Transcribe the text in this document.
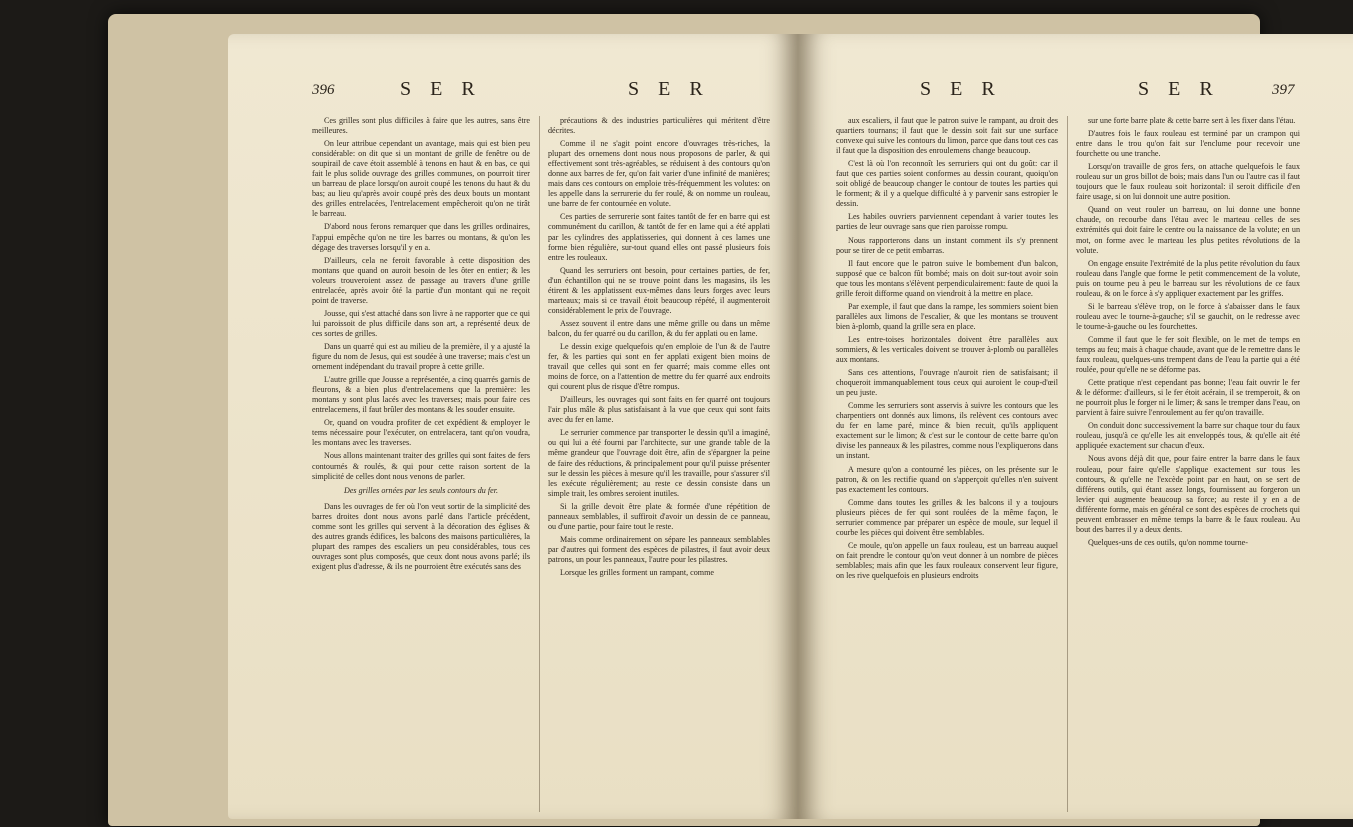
396	S E R	S E R

Ces grilles sont plus difficiles à faire que les autres, sans être meilleures.

On leur attribue cependant un avantage, mais qui est bien peu considérable: on dit que si un montant de grille de fenêtre ou de soupirail de cave étoit assemblé à tenons en haut & en bas, ce qui fait le plus solide ouvrage des grilles communes, on pourroit tirer un barreau de place lorsqu'on auroit coupé les tenons du haut & du bas; au lieu qu'après avoir coupé près des deux bouts un montant des grilles entrelacées, l'entrelacement empêcheroit qu'on ne tirât le barreau.

D'abord nous ferons remarquer que dans les grilles ordinaires, l'appui empêche qu'on ne tire les barres ou montans, & qu'on les dégage des traverses lorsqu'il y en a.

D'ailleurs, cela ne feroit favorable à cette disposition des montans que quand on auroit besoin de les ôter en entier; & les voleurs trouveroient assez de passage au travers d'une grille entrelacée, après avoir ôté la partie d'un montant qui ne reçoit point de traverse.

Jousse, qui s'est attaché dans son livre à ne rapporter que ce qui lui paroissoit de plus difficile dans son art, a représenté deux de ces sortes de grilles.

Dans un quarré qui est au milieu de la première, il y a ajusté la figure du nom de Jesus, qui est soudée à une traverse; mais c'est un ornement indépendant du travail propre à cette grille.

L'autre grille que Jousse a représentée, a cinq quarrés garnis de fleurons, & a bien plus d'entrelacemens que la première: les montans y sont plus lacés avec les traverses; mais pour faire ces entrelacemens, il faut brûler des montans & les souder ensuite.

Or, quand on voudra profiter de cet expédient & employer le tems nécessaire pour l'exécuter, on entrelacera, tant qu'on voudra, les montans avec les traverses.

Nous allons maintenant traiter des grilles qui sont faites de fers contournés & roulés, & qui pour cette raison sortent de la simplicité de celles dont nous venons de parler.

Des grilles ornées par les seuls contours du fer.

Dans les ouvrages de fer où l'on veut sortir de la simplicité des barres droites dont nous avons parlé dans l'article précédent, comme sont les grilles qui servent à la décoration des églises & des autres grands édifices, les balcons des maisons particulières, la plupart des rampes des escaliers un peu considérables, tous ces ouvrages sont plus composés, que ceux dont nous avons parlé; ils exigent plus d'adresse, & ils ne pourroient être exécutés sans des

précautions & des industries particulières qui méritent d'être décrites.

Comme il ne s'agit point encore d'ouvrages très-riches, la plupart des ornemens dont nous nous proposons de parler, & qui effectivement sont très-agréables, se réduisent à des contours qu'on donne aux barres de fer, qu'on fait varier d'une infinité de manières; mais dans ces contours on emploie très-fréquemment les volutes: on les appelle dans la serrurerie du fer roulé, & on nomme un rouleau, une barre de fer contournée en volute.

Ces parties de serrurerie sont faites tantôt de fer en barre qui est communément du carillon, & tantôt de fer en lame qui a été applati par les cylindres des applatisseries, qui donnent à ces lames une forme bien régulière, sur-tout quand elles ont passé plusieurs fois entre les rouleaux.

Quand les serruriers ont besoin, pour certaines parties, de fer, d'un échantillon qui ne se trouve point dans les magasins, ils les étirent & les applatissent eux-mêmes dans leurs forges avec leurs marteaux; mais si ce travail étoit beaucoup répété, il augmenteroit considérablement le prix de l'ouvrage.

Assez souvent il entre dans une même grille ou dans un même balcon, du fer quarré ou du carillon, & du fer applati ou en lame.

Le dessin exige quelquefois qu'en emploie de l'un & de l'autre fer, & les parties qui sont en fer applati exigent bien moins de travail que celles qui sont en fer quarré; mais comme elles ont moins de force, on a l'attention de mettre du fer quarré aux endroits qui courent plus de risque d'être rompus.

D'ailleurs, les ouvrages qui sont faits en fer quarré ont toujours l'air plus mâle & plus satisfaisant à la vue que ceux qui sont faits avec du fer en lame.

Le serrurier commence par transporter le dessin qu'il a imaginé, ou qui lui a été fourni par l'architecte, sur une grande table de la même grandeur que l'ouvrage doit être, afin de s'épargner la peine de faire des réductions, & principalement pour qu'il puisse présenter sur le dessin les pièces à mesure qu'il les travaille, pour s'assurer s'il les exécute régulièrement; au reste ce dessin consiste dans un simple trait, les ombres seroient inutiles.

Si la grille devoit être plate & formée d'une répétition de panneaux semblables, il suffiroit d'avoir un dessin de ce panneau, ou d'une partie, pour faire tout le reste.

Mais comme ordinairement on sépare les panneaux semblables par d'autres qui forment des espèces de pilastres, il faut avoir deux patrons, un pour les panneaux, l'autre pour les pilastres.

Lorsque les grilles forment un rampant, comme

S E R	S E R	397

aux escaliers, il faut que le patron suive le rampant, au droit des quartiers tournans; il faut que le dessin soit fait sur une surface convexe qui suive les contours du limon, parce que dans tout ces cas il faut que la disposition des enroulemens change beaucoup.

C'est là où l'on reconnoît les serruriers qui ont du goût: car il faut que ces parties soient conformes au dessin courant, quoiqu'on soit obligé de beaucoup changer le contour de toutes les parties qui le forment; & il y a quelque difficulté à y parvenir sans estropier le dessin.

Les habiles ouvriers parviennent cependant à varier toutes les parties de leur ouvrage sans que rien paroisse rompu.

Nous rapporterons dans un instant comment ils s'y prennent pour se tirer de ce petit embarras.

Il faut encore que le patron suive le bombement d'un balcon, supposé que ce balcon fût bombé; mais on doit sur-tout avoir soin que tous les montans s'élèvent perpendiculairement: faute de quoi la grille feroit difforme quand on viendroit à la mettre en place.

Par exemple, il faut que dans la rampe, les sommiers soient bien parallèles aux limons de l'escalier, & que les montans se trouvent bien à-plomb, quand la grille sera en place.

Les entre-toises horizontales doivent être parallèles aux sommiers, & les verticales doivent se trouver à-plomb ou parallèles aux montans.

Sans ces attentions, l'ouvrage n'auroit rien de satisfaisant; il choqueroit immanquablement tous ceux qui auroient le coup-d'œil un peu juste.

Comme les serruriers sont asservis à suivre les contours que les charpentiers ont donnés aux limons, ils relèvent ces contours avec du fer en lame paré, mince & bien recuit, qu'ils appliquent exactement sur le limon; & c'est sur le contour de cette barre qu'on divise les panneaux & les pilastres, comme nous l'expliquerons dans un instant.

A mesure qu'on a contourné les pièces, on les présente sur le patron, & on les rectifie quand on s'apperçoit qu'elles n'en suivent pas exactement les contours.

Comme dans toutes les grilles & les balcons il y a toujours plusieurs pièces de fer qui sont roulées de la même façon, le serrurier commence par préparer un espèce de moule, sur lequel il courbe les pièces qui doivent être semblables.

Ce moule, qu'on appelle un faux rouleau, est un barreau auquel on fait prendre le contour qu'on veut donner à un nombre de pièces semblables; mais afin que les faux rouleaux conservent leur figure, on les rive quelquefois en plusieurs endroits

sur une forte barre plate & cette barre sert à les fixer dans l'étau.

D'autres fois le faux rouleau est terminé par un crampon qui entre dans le trou qu'on fait sur l'enclume pour recevoir une fourchette ou une tranche.

Lorsqu'on travaille de gros fers, on attache quelquefois le faux rouleau sur un gros billot de bois; mais dans l'un ou l'autre cas il faut toujours que le faux rouleau soit horizontal: il seroit difficile d'en faire usage, si on lui donnoit une autre position.

Quand on veut rouler un barreau, on lui donne une bonne chaude, on recourbe dans l'étau avec le marteau celles de ses extrémités qui doit faire le centre ou la naissance de la volute; en un mot, on forme avec le marteau les plus petites révolutions de la volute.

On engage ensuite l'extrémité de la plus petite révolution du faux rouleau dans l'angle que forme le petit commencement de la volute, puis on tourne peu à peu le barreau sur les révolutions de ce faux rouleau, & on le force à s'y appliquer exactement par les griffes.

Si le barreau s'élève trop, on le force à s'abaisser dans le faux rouleau avec le tourne-à-gauche; s'il se gauchit, on le redresse avec le tourne-à-gauche ou les fourchettes.

Comme il faut que le fer soit flexible, on le met de temps en temps au feu; mais à chaque chaude, avant que de le remettre dans le faux rouleau, quelques-uns trempent dans de l'eau la partie qui a été roulée, pour qu'elle ne se déforme pas.

Cette pratique n'est cependant pas bonne; l'eau fait ouvrir le fer & le déforme: d'ailleurs, si le fer étoit acérain, il se tremperoit, & on ne pourroit plus le forger ni le limer; & sans le tremper dans l'eau, on parvient à faire suivre l'enroulement au fer qu'on travaille.

On conduit donc successivement la barre sur chaque tour du faux rouleau, jusqu'à ce qu'elle les ait enveloppés tous, & qu'elle ait été appliquée exactement sur chacun d'eux.

Nous avons déjà dit que, pour faire entrer la barre dans le faux rouleau, pour faire qu'elle s'applique exactement sur tous les contours, & qu'elle ne l'excède point par en haut, on se sert de différens outils, qui étant assez longs, fournissent au forgeron un levier qui augmente beaucoup sa force; au reste il y en a de différente forme, mais en général ce sont des espèces de crochets qui peuvent embrasser en même temps la barre & le faux rouleau. Au bout des barres il y a deux dents.

Quelques-uns de ces outils, qu'on nomme tourne-
